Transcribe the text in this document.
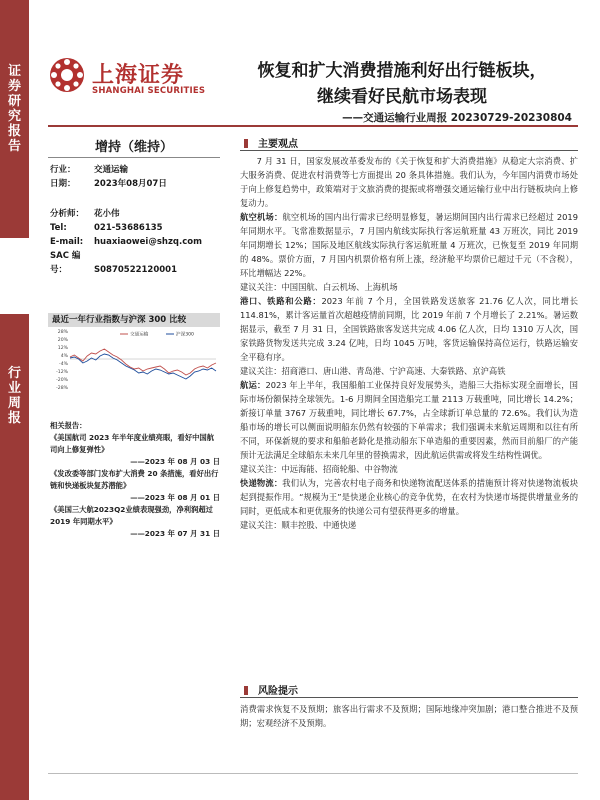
证券研究报告
行业周报
上海证券
SHANGHAI SECURITIES
恢复和扩大消费措施利好出行链板块，
继续看好民航市场表现
——交通运输行业周报 20230729-20230804
增持（维持）
行业： 交通运输
日期： 2023年08月07日
分析师： 花小伟
Tel:	021-53686135
E-mail: huaxiaowei@shzq.com
SAC 编号：	S0870522120001
最近一年行业指数与沪深 300 比较
28%
20%
12%
4%
-4%
-12%
-20%
-28%
交通运输	沪深300
相关报告：
《美国航司 2023 年半年度业绩亮眼，看好中国航司向上修复弹性》
——2023 年 08 月 03 日
《发改委等部门发布扩大消费 20 条措施，看好出行链和快递板块复苏潜能》
——2023 年 08 月 01 日
《美国三大航2023Q2业绩表现强劲，净利润超过 2019 年同期水平》
——2023 年 07 月 31 日
主要观点

7 月 31 日，国家发展改革委发布的《关于恢复和扩大消费措施》从稳定大宗消费、扩大服务消费、促进农村消费等七方面提出 20 条具体措施。我们认为，今年国内消费市场处于向上修复趋势中，政策端对于文旅消费的提振或将增强交通运输行业中出行链板块向上修复动力。

航空机场：航空机场的国内出行需求已经明显修复，暑运期间国内出行需求已经超过 2019 年同期水平。飞常准数据显示，7 月国内航线实际执行客运航班量 43 万班次，同比 2019 年同期增长 12%；国际及地区航线实际执行客运航班量 4 万班次，已恢复至 2019 年同期的 48%。票价方面，7 月国内机票价格有所上涨，经济舱平均票价已超过千元（不含税），环比增幅达 22%。

建议关注：中国国航、白云机场、上海机场

港口、铁路和公路：2023 年前 7 个月，全国铁路发送旅客 21.76 亿人次，同比增长 114.81%，累计客运量首次超越疫情前同期，比 2019 年前 7 个月增长了 2.21%。暑运数据显示，截至 7 月 31 日，全国铁路旅客发送共完成 4.06 亿人次，日均 1310 万人次，国家铁路货物发送共完成 3.24 亿吨，日均 1045 万吨，客货运输保持高位运行，铁路运输安全平稳有序。

建议关注：招商港口、唐山港、青岛港、宁沪高速、大秦铁路、京沪高铁

航运：2023 年上半年，我国船舶工业保持良好发展势头，造船三大指标实现全面增长，国际市场份额保持全球领先。1-6 月期间全国造船完工量 2113 万载重吨，同比增长 14.2%；新接订单量 3767 万载重吨，同比增长 67.7%，占全球新订单总量的 72.6%。我们认为造船市场的增长可以侧面说明船东仍然有较强的下单需求；我们强调未来航运周期和以往有所不同，环保新规的要求和船舶老龄化是推动船东下单造船的重要因素，然而目前船厂的产能预计无法满足全球船东未来几年里的替换需求，因此航运供需或将发生结构性调优。

建议关注：中远海能、招商轮船、中谷物流

快递物流：我们认为，完善农村电子商务和快递物流配送体系的措施预计将对快递物流板块起到提振作用。“规模为王”是快递企业核心的竞争优势，在农村为快递市场提供增量业务的同时，更低成本和更优服务的快递公司有望获得更多的增量。

建议关注：顺丰控股、中通快递

风险提示

消费需求恢复不及预期；旅客出行需求不及预期；国际地缘冲突加剧；港口整合推进不及预期；宏观经济不及预期。
